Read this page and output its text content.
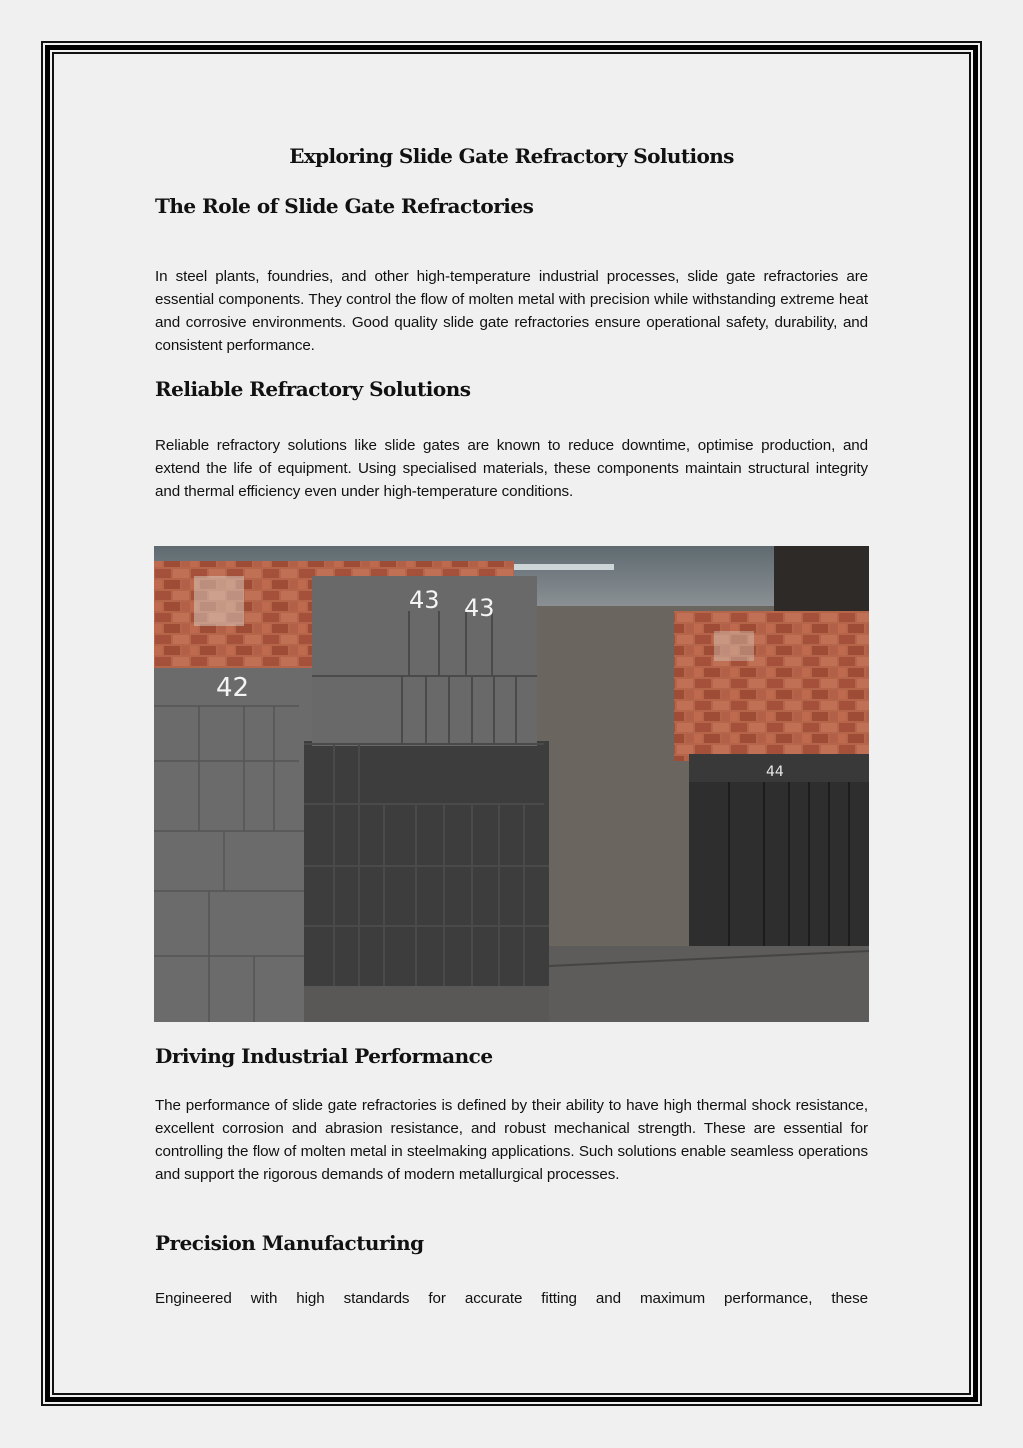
Exploring Slide Gate Refractory Solutions
The Role of Slide Gate Refractories

In steel plants, foundries, and other high-temperature industrial processes, slide gate refractories are essential components. They control the flow of molten metal with precision while withstanding extreme heat and corrosive environments. Good quality slide gate refractories ensure operational safety, durability, and consistent performance.

Reliable Refractory Solutions

Reliable refractory solutions like slide gates are known to reduce downtime, optimise production, and extend the life of equipment. Using specialised materials, these components maintain structural integrity and thermal efficiency even under high-temperature conditions.

42
43 43
44
Driving Industrial Performance

The performance of slide gate refractories is defined by their ability to have high thermal shock resistance, excellent corrosion and abrasion resistance, and robust mechanical strength. These are essential for controlling the flow of molten metal in steelmaking applications. Such solutions enable seamless operations and support the rigorous demands of modern metallurgical processes.

Precision Manufacturing

Engineered with high standards for accurate fitting and maximum performance, these
